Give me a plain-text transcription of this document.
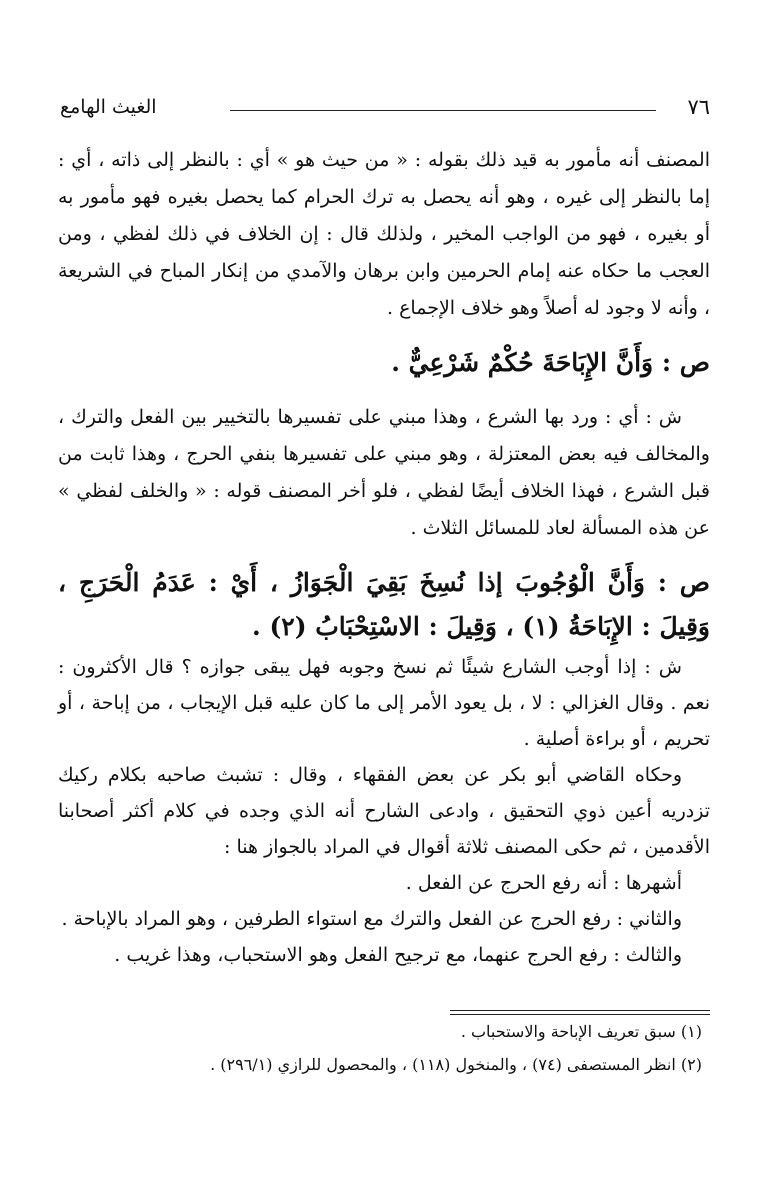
٧٦
الغيث الهامع

المصنف أنه مأمور به قيد ذلك بقوله : « من حيث هو » أي : بالنظر إلى ذاته ، أي : إما بالنظر إلى غيره ، وهو أنه يحصل به ترك الحرام كما يحصل بغيره فهو مأمور به أو بغيره ، فهو من الواجب المخير ، ولذلك قال : إن الخلاف في ذلك لفظي ، ومن العجب ما حكاه عنه إمام الحرمين وابن برهان والآمدي من إنكار المباح في الشريعة ، وأنه لا وجود له أصلاً وهو خلاف الإجماع .

ص : وَأَنَّ الإِبَاحَةَ حُكْمٌ شَرْعِيٌّ .

ش : أي : ورد بها الشرع ، وهذا مبني على تفسيرها بالتخيير بين الفعل والترك ، والمخالف فيه بعض المعتزلة ، وهو مبني على تفسيرها بنفي الحرج ، وهذا ثابت من قبل الشرع ، فهذا الخلاف أيضًا لفظي ، فلو أخر المصنف قوله : « والخلف لفظي » عن هذه المسألة لعاد للمسائل الثلاث .

ص : وَأَنَّ الْوُجُوبَ إذا نُسِخَ بَقِيَ الْجَوَازُ ، أَيْ : عَدَمُ الْحَرَجِ ، وَقِيلَ : الإِبَاحَةُ (١) ، وَقِيلَ : الاسْتِحْبَابُ (٢) .

ش : إذا أوجب الشارع شيئًا ثم نسخ وجوبه فهل يبقى جوازه ؟ قال الأكثرون : نعم . وقال الغزالي : لا ، بل يعود الأمر إلى ما كان عليه قبل الإيجاب ، من إباحة ، أو تحريم ، أو براءة أصلية .

وحكاه القاضي أبو بكر عن بعض الفقهاء ، وقال : تشبث صاحبه بكلام ركيك تزدريه أعين ذوي التحقيق ، وادعى الشارح أنه الذي وجده في كلام أكثر أصحابنا الأقدمين ، ثم حكى المصنف ثلاثة أقوال في المراد بالجواز هنا :

أشهرها : أنه رفع الحرج عن الفعل .

والثاني : رفع الحرج عن الفعل والترك مع استواء الطرفين ، وهو المراد بالإباحة .

والثالث : رفع الحرج عنهما، مع ترجيح الفعل وهو الاستحباب، وهذا غريب .

(١) سبق تعريف الإباحة والاستحباب .

(٢) انظر المستصفى (٧٤) ، والمنخول (١١٨) ، والمحصول للرازي (٢٩٦/١) .
